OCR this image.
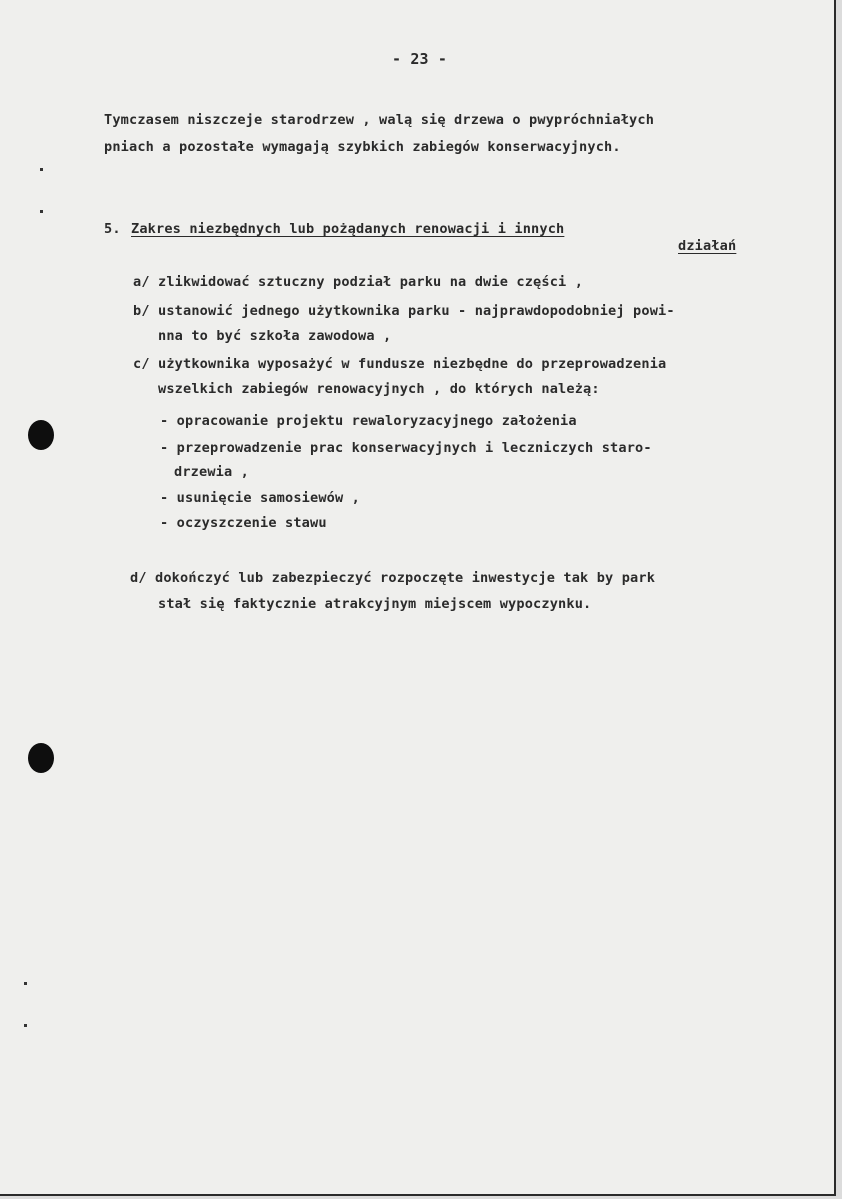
- 23 -
Tymczasem niszczeje starodrzew , walą się drzewa o pwypróchniałych
pniach a pozostałe wymagają szybkich zabiegów konserwacyjnych.
5. Zakres niezbędnych lub pożądanych renowacji i innych
działań
a/ zlikwidować sztuczny podział parku na dwie części ,
b/ ustanowić jednego użytkownika parku - najprawdopodobniej powi-
nna to być szkoła zawodowa ,
c/ użytkownika wyposażyć w fundusze niezbędne do przeprowadzenia
wszelkich zabiegów renowacyjnych , do których należą:
- opracowanie projektu rewaloryzacyjnego założenia
- przeprowadzenie prac konserwacyjnych i leczniczych staro-
drzewia ,
- usunięcie samosiewów ,
- oczyszczenie stawu
d/ dokończyć lub zabezpieczyć rozpoczęte inwestycje tak by park
stał się faktycznie atrakcyjnym miejscem wypoczynku.
